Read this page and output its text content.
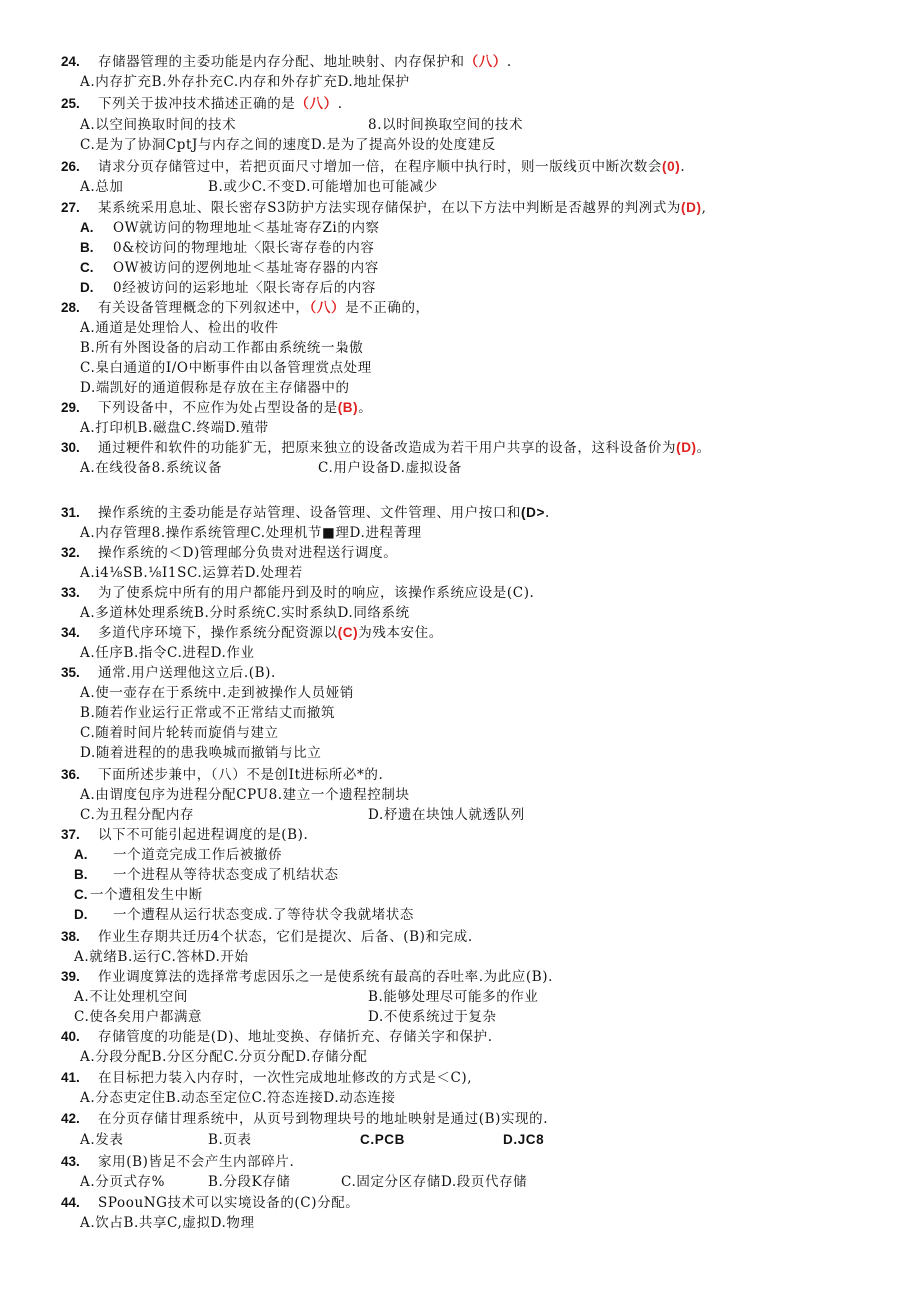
24. 存储器管理的主委功能是内存分配、地址映射、内存保护和（八）.
A.内存扩充B.外存扑充C.内存和外存扩充D.地址保护
25. 下列关于拔冲技术描述正确的是（八）.
A.以空间换取时间的技术	8.以时间换取空间的技术
C.是为了协洞CptJ与内存之间的速度D.是为了提高外设的处度建反
26. 请求分页存储管过中，若把页面尺寸增加一倍，在程序顺中执行时，则一版线页中断次数会(0).
A.总加	B.或少C.不变D.可能增加也可能减少
27. 某系统采用息址、限长密存S3防护方法实现存储保护，在以下方法中判断是否越界的判冽式为(D),
A. OW就访问的物理地址＜基址寄存Zi的内察
B. 0&校访问的物理地址〈限长寄存卷的内容
C. OW被访问的逻例地址＜基址寄存器的内容
D. 0经被访问的运彩地址〈限长寄存后的内容
28. 有关设备管理概念的下列叙述中，（八）是不正确的，
A.通道是处理恰人、检出的收件
B.所有外图设备的启动工作都由系统统一枭傲
C.臬白通道的I/O中断事件由以备管理赏点处理
D.端凯好的通道假称是存放在主存储器中的
29. 下列设备中，不应作为处占型设备的是(B)。
A.打印机B.磁盘C.终端D.殖带
30. 通过粳件和软件的功能犷无，把原来独立的设备改造成为若干用户共享的设备，这科设备价为(D)。
A.在线役备8.系统议备	C.用户设备D.虚拟设备
31. 操作系统的主委功能是存站管理、设备管理、文件管理、用户按口和(D>.
A.内存管理8.操作系统管理C.处理机节■理D.进程菁理
32. 操作系统的＜D)管理邮分负贵对进程送行调度。
A.i4⅛SB.⅛I1SC.运算若D.处理若
33. 为了使系烷中所有的用户都能丹到及时的响应，该操作系统应设是(C).
A.多道林处理系统B.分时系统C.实时系纨D.同络系统
34. 多道代序环境下，操作系统分配资源以(C)为残本安住。
A.任序B.指令C.进程D.作业
35. 通常.用户送理他这立后.(B).
A.使一壶存在于系统中.走到被操作人员娅销
B.随若作业运行正常或不正常结丈而撤筑
C.随着时间片轮转而旋俏与建立
D.随着进程的的患我唤城而撤销与比立
36. 下面所述步兼中，（八）不是创It进标所必*的.
A.由谓度包序为进程分配CPU8.建立一个遗程控制块
C.为丑程分配内存	D.杼遗在块蚀人就透队列
37. 以下不可能引起进程调度的是(B).
A. 一个道竞完成工作后被撤侨
B. 一个进程从等待状态变成了机结状态
C. 一个遭租发生中断
D. 一个遭程从运行状态变成.了等待状令我就堵状态
38. 作业生存期共迁历4个状态，它们是提次、后备、(B)和完成.
A.就绪B.运行C.答林D.开始
39. 作业调度算法的选择常考虑因乐之一是使系统有最高的吞吐率.为此应(B).
A.不让处理机空间	B.能够处理尽可能多的作业
C.使各矣用户都满意	D.不使系统过于复杂
40. 存储管度的功能是(D)、地址变换、存储折充、存储关字和保护.
A.分段分配B.分区分配C.分页分配D.存储分配
41. 在目标把力装入内存时，一次性完成地址修改的方式是＜C),
A.分态吏定住B.动态至定位C.符态连接D.动态连接
42. 在分页存储甘理系统中，从页号到物理块号的地址映射是通过(B)实现的.
A.发表	B.页表	C.PCB	D.JC8
43. 家用(B)皆足不会产生内部碎片.
A.分页式存%	B.分段K存储	C.固定分区存储D.段页代存储
44. SPoouNG技术可以实境设备的(C)分配。
A.饮占B.共享C,虚拟D.物理
